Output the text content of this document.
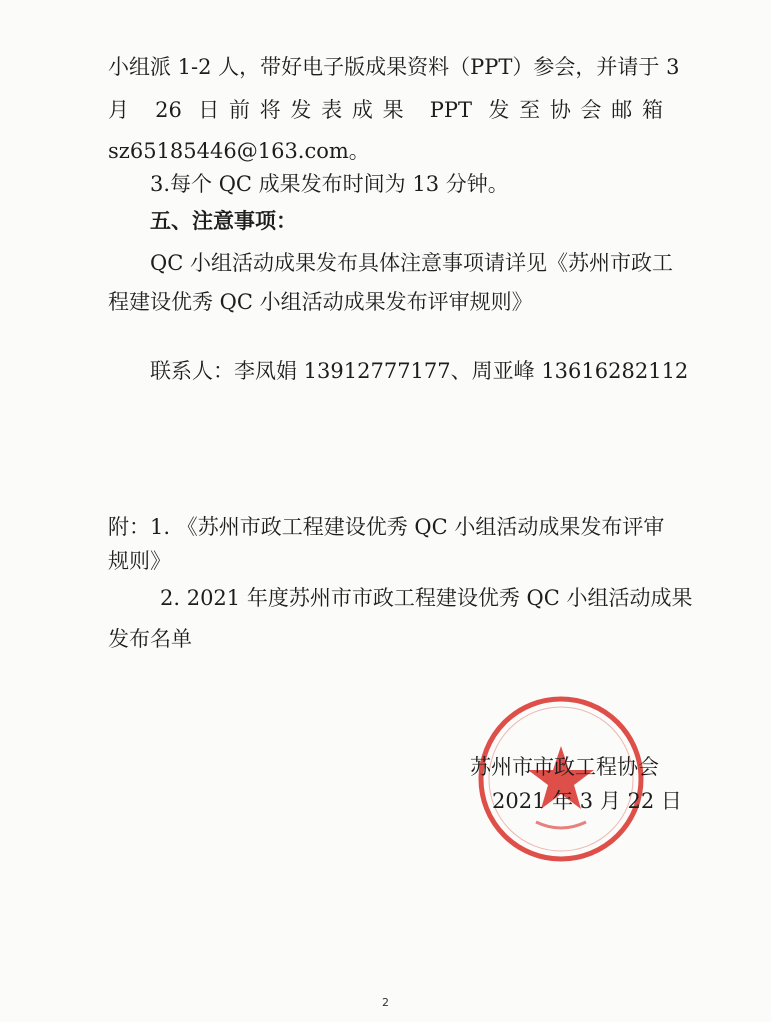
小组派 1-2 人，带好电子版成果资料（PPT）参会，并请于 3
月 26 日前将发表成果 PPT 发至协会邮箱
sz65185446@163.com。
3.每个 QC 成果发布时间为 13 分钟。
五、注意事项：
QC 小组活动成果发布具体注意事项请详见《苏州市政工
程建设优秀 QC 小组活动成果发布评审规则》
联系人：李凤娟 13912777177、周亚峰 13616282112
附：1. 《苏州市政工程建设优秀 QC 小组活动成果发布评审
规则》
2. 2021 年度苏州市市政工程建设优秀 QC 小组活动成果
发布名单
苏州市市政工程协会
2021 年 3 月 22 日
2
